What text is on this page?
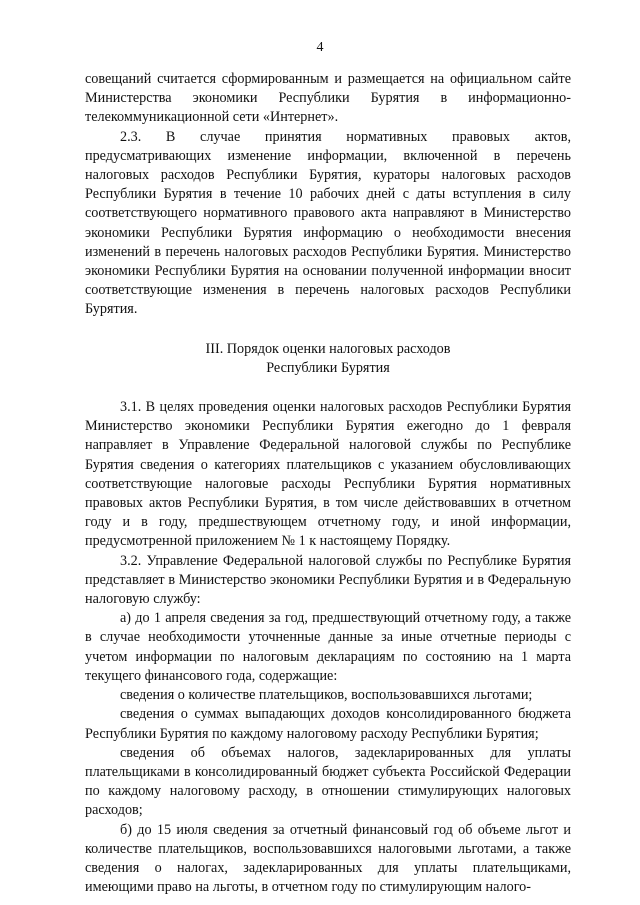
4

совещаний считается сформированным и размещается на официальном сайте Министерства экономики Республики Бурятия в информационно-телекоммуникационной сети «Интернет».

2.3. В случае принятия нормативных правовых актов, предусматривающих изменение информации, включенной в перечень налоговых расходов Республики Бурятия, кураторы налоговых расходов Республики Бурятия в течение 10 рабочих дней с даты вступления в силу соответствующего нормативного правового акта направляют в Министерство экономики Республики Бурятия информацию о необходимости внесения изменений в перечень налоговых расходов Республики Бурятия. Министерство экономики Республики Бурятия на основании полученной информации вносит соответствующие изменения в перечень налоговых расходов Республики Бурятия.

III. Порядок оценки налоговых расходов
Республики Бурятия

3.1. В целях проведения оценки налоговых расходов Республики Бурятия Министерство экономики Республики Бурятия ежегодно до 1 февраля направляет в Управление Федеральной налоговой службы по Республике Бурятия сведения о категориях плательщиков с указанием обусловливающих соответствующие налоговые расходы Республики Бурятия нормативных правовых актов Республики Бурятия, в том числе действовавших в отчетном году и в году, предшествующем отчетному году, и иной информации, предусмотренной приложением № 1 к настоящему Порядку.

3.2. Управление Федеральной налоговой службы по Республике Бурятия представляет в Министерство экономики Республики Бурятия и в Федеральную налоговую службу:

а) до 1 апреля сведения за год, предшествующий отчетному году, а также в случае необходимости уточненные данные за иные отчетные периоды с учетом информации по налоговым декларациям по состоянию на 1 марта текущего финансового года, содержащие:

сведения о количестве плательщиков, воспользовавшихся льготами;

сведения о суммах выпадающих доходов консолидированного бюджета Республики Бурятия по каждому налоговому расходу Республики Бурятия;

сведения об объемах налогов, задекларированных для уплаты плательщиками в консолидированный бюджет субъекта Российской Федерации по каждому налоговому расходу, в отношении стимулирующих налоговых расходов;

б) до 15 июля сведения за отчетный финансовый год об объеме льгот и количестве плательщиков, воспользовавшихся налоговыми льготами, а также сведения о налогах, задекларированных для уплаты плательщиками, имеющими право на льготы, в отчетном году по стимулирующим налого-
